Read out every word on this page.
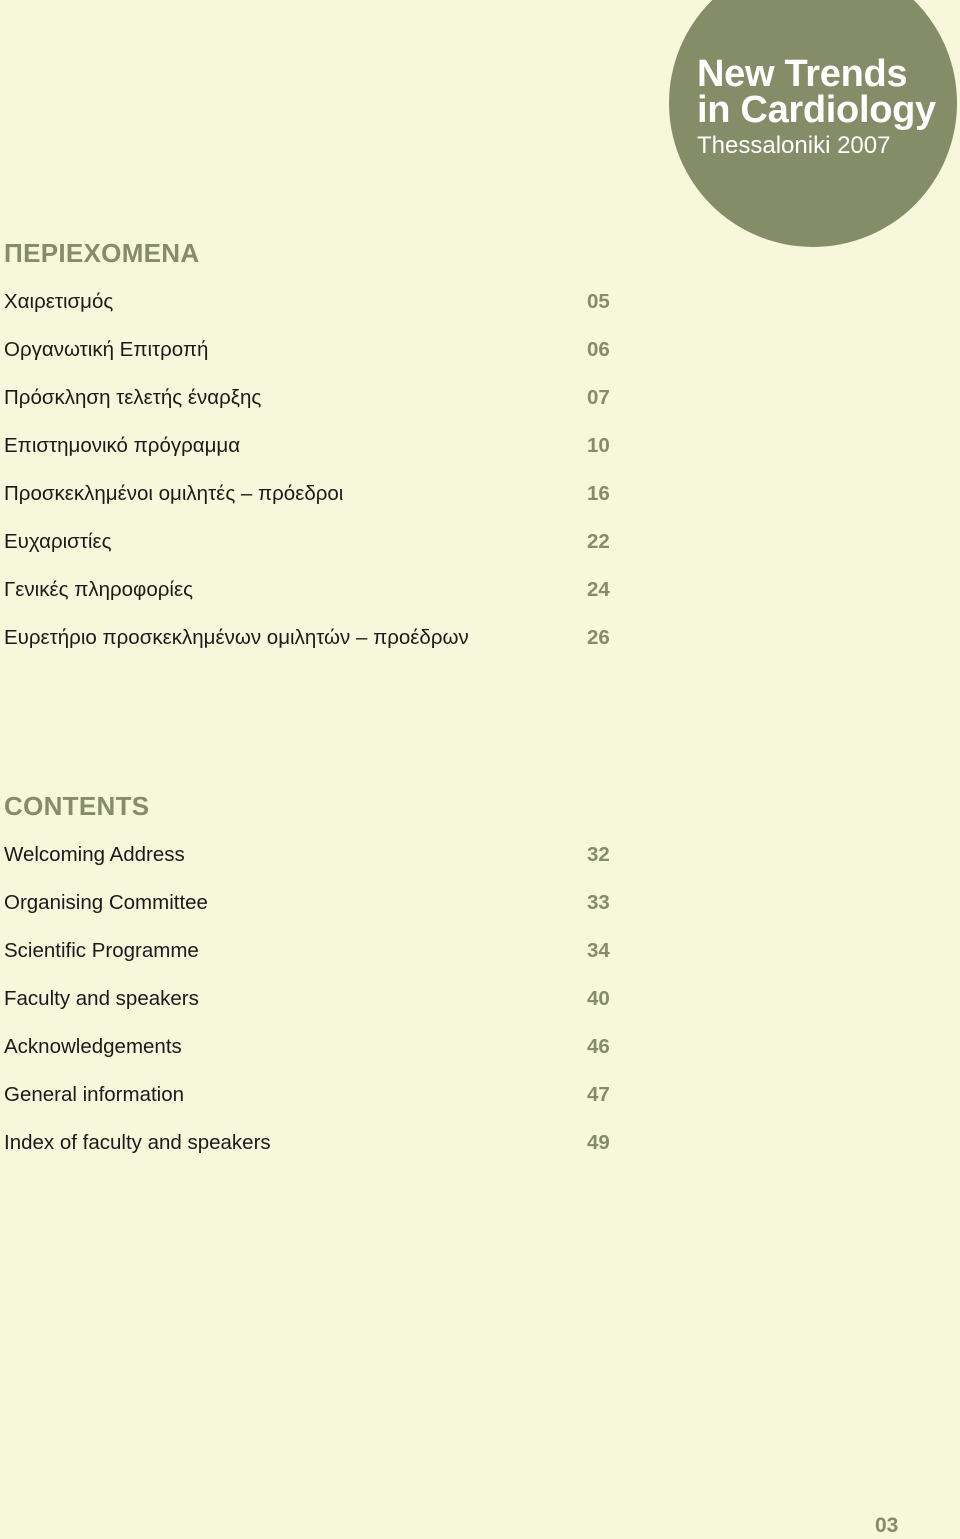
New Trends
in Cardiology
Thessaloniki 2007
ΠΕΡΙΕΧΟΜΕΝΑ
Χαιρετισμός	05
Οργανωτική Επιτροπή	06
Πρόσκληση τελετής έναρξης	07
Επιστημονικό πρόγραμμα	10
Προσκεκλημένοι ομιλητές – πρόεδροι	16
Ευχαριστίες	22
Γενικές πληροφορίες	24
Ευρετήριο προσκεκλημένων ομιλητών – προέδρων	26
CONTENTS
Welcoming Address	32
Organising Committee	33
Scientific Programme	34
Faculty and speakers	40
Acknowledgements	46
General information	47
Index of faculty and speakers	49
03
